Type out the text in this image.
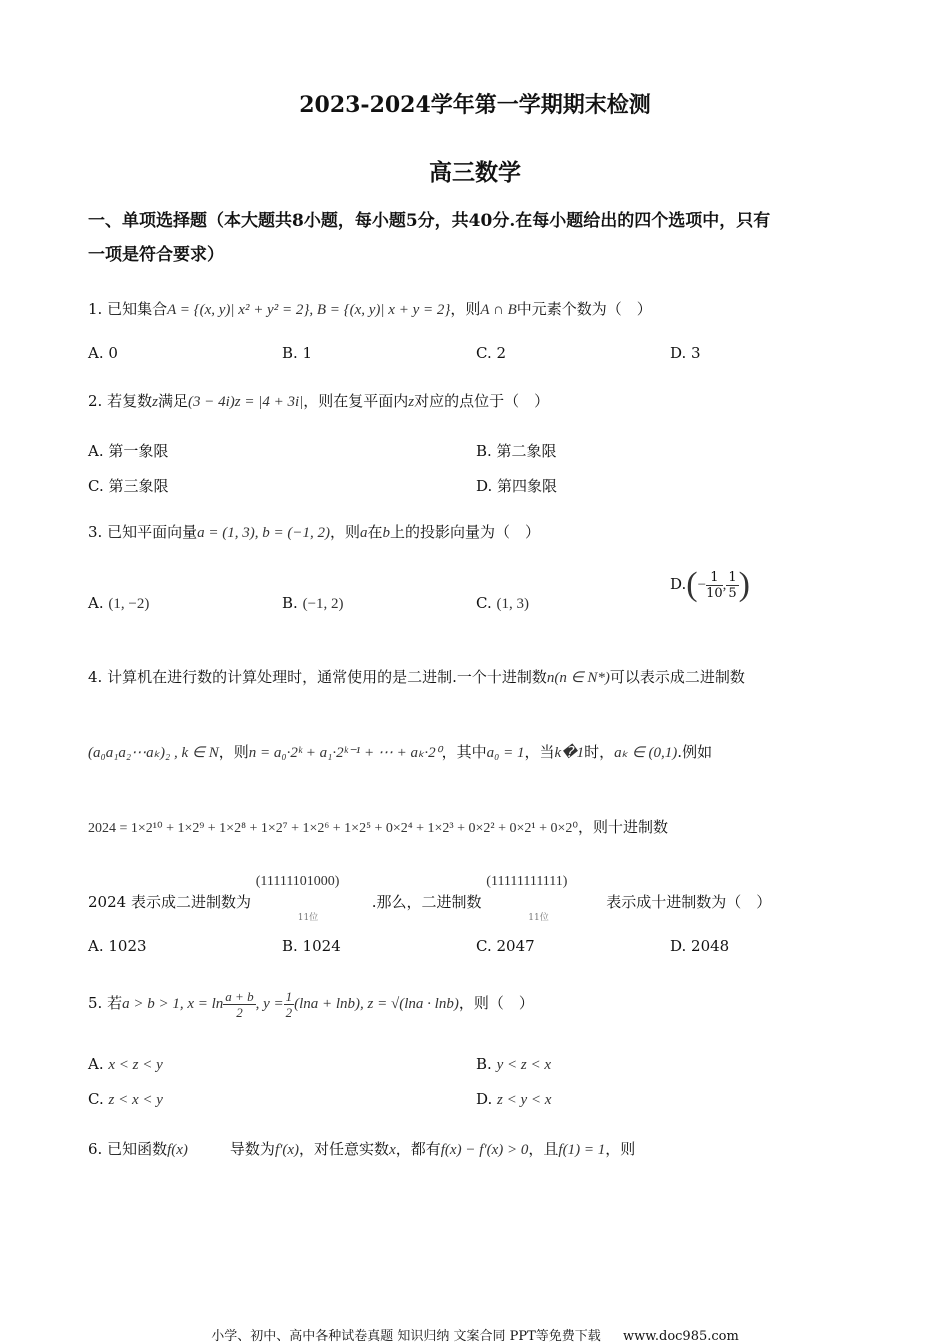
2023-2024学年第一学期期末检测
高三数学
一、单项选择题（本大题共8小题，每小题5分，共40分.在每小题给出的四个选项中，只有
一项是符合要求）
1. 已知集合A = {(x, y)| x² + y² = 2}, B = {(x, y)| x + y = 2}，则A ∩ B中元素个数为（　）
A. 0	B. 1	C. 2	D. 3
2. 若复数z满足(3 − 4i)z = |4 + 3i|，则在复平面内z对应的点位于（　）
A. 第一象限	B. 第二象限
C. 第三象限	D. 第四象限
3. 已知平面向量a = (1, 3), b = (−1, 2)，则a在b上的投影向量为（　）
A. (1, −2)	B. (−1, 2)	C. (1, 3)
$D.(- \frac{1}{10}$ , $\frac{1}{5}$ )
4. 计算机在进行数的计算处理时，通常使用的是二进制.一个十进制数n(n ∈ N*)可以表示成二进制数
(a₀a₁a₂⋯aₖ)₂ , k ∈ N，则n = a₀·2ᵏ + a₁·2ᵏ⁻¹ + ⋯ + aₖ·2⁰，其中a₀ = 1，当k�1时，aₖ ∈ (0,1).例如
2024 = 1×2¹⁰ + 1×2⁹ + 1×2⁸ + 1×2⁷ + 1×2⁶ + 1×2⁵ + 0×2⁴ + 1×2³ + 0×2² + 0×2¹ + 0×2⁰，则十进制数
2024 表示成二进制数为
(11111101000)
11位
.那么，二进制数
(11111111111)
11位
表示成十进制数为（　）
A. 1023	B. 1024	C. 2047	D. 2048
5. 若a > b > 1, $x = \ln \frac{a + b}{2}$ , $y = \frac{1}{2} (\ln a + \ln b)$, z = √(lna · lnb)，则（　）
A. x < z < y	B. y < z < x
C. z < x < y	D. z < y < x
6. 已知函数f(x)	导数为f′(x)，对任意实数x，都有f(x) − f′(x) > 0，且f(1) = 1，则
小学、初中、高中各种试卷真题 知识归纳 文案合同 PPT等免费下载 www.doc985.com
